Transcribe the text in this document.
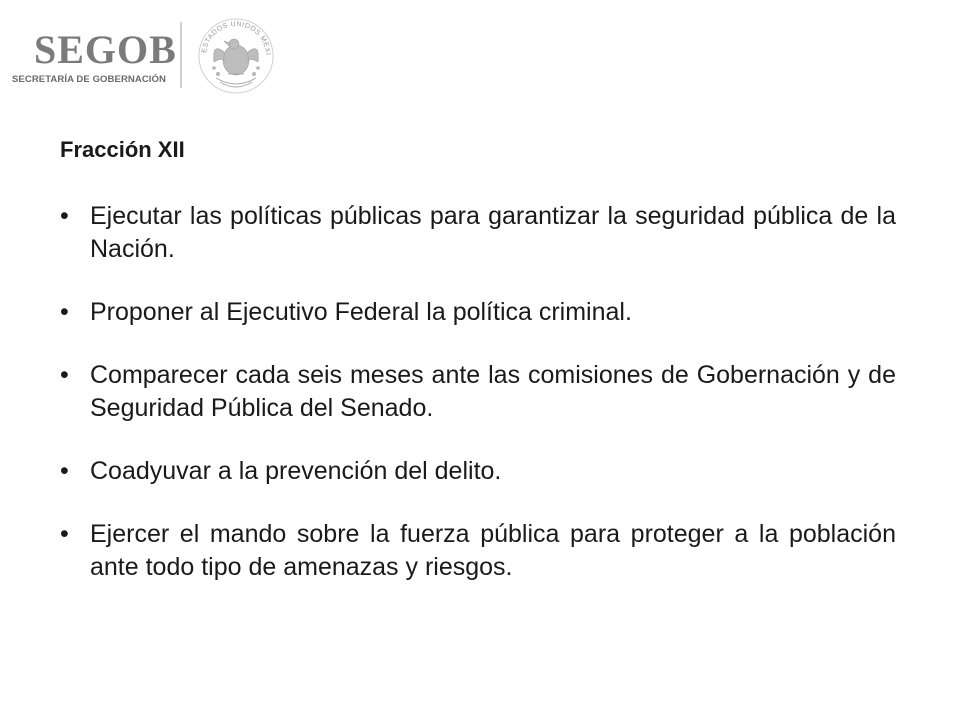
SEGOB
SECRETARÍA DE GOBERNACIÓN
ESTADOS UNIDOS MEXI
Fracción XII
• Ejecutar las políticas públicas para garantizar la seguridad pública de la Nación.
• Proponer al Ejecutivo Federal la política criminal.
• Comparecer cada seis meses ante las comisiones de Gobernación y de Seguridad Pública del Senado.
• Coadyuvar a la prevención del delito.
• Ejercer el mando sobre la fuerza pública para proteger a la población ante todo tipo de amenazas y riesgos.
